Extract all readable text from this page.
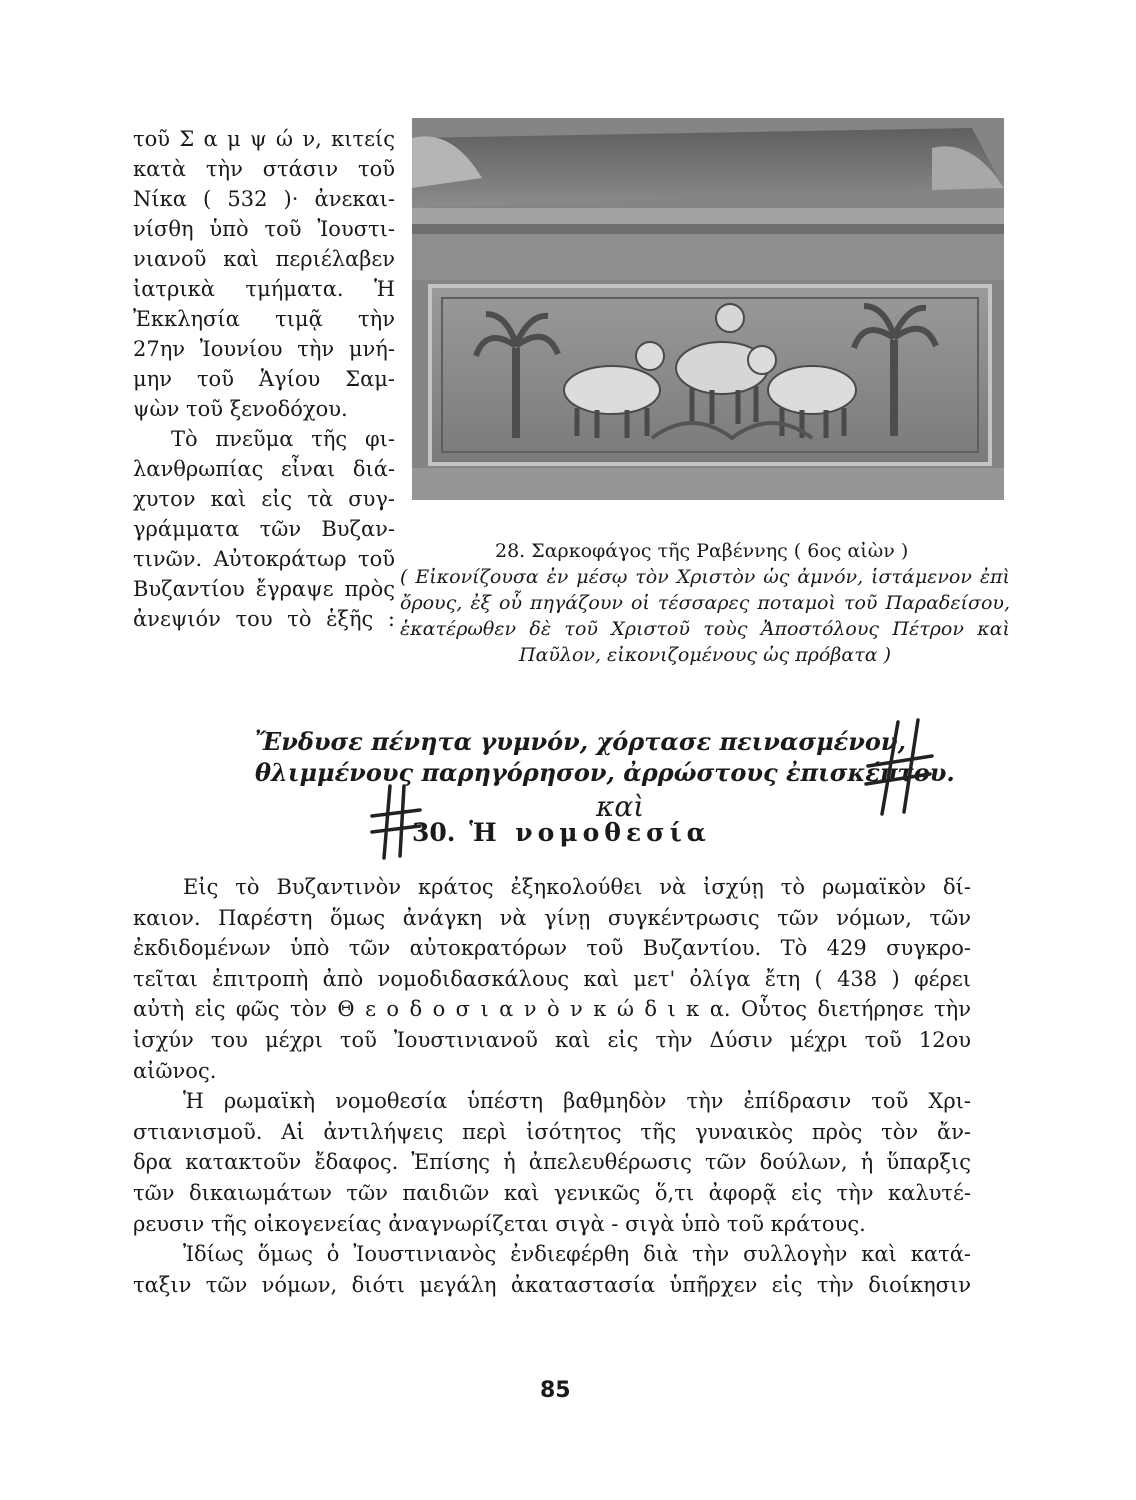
τοῦ Σ α μ ψ ώ ν, κιτείς
κατὰ τὴν στάσιν τοῦ
Νίκα ( 532 )· ἀνεκαι-
νίσθη ὑπὸ τοῦ Ἰουστι-
νιανοῦ καὶ περιέλαβεν
ἰατρικὰ τμήματα. Ἡ
Ἐκκλησία τιμᾷ τὴν
27ην Ἰουνίου τὴν μνή-
μην τοῦ Ἁγίου Σαμ-
ψὼν τοῦ ξενοδόχου.
Τὸ πνεῦμα τῆς φι-
λανθρωπίας εἶναι διά-
χυτον καὶ εἰς τὰ συγ-
γράμματα τῶν Βυζαν-
τινῶν. Αὐτοκράτωρ τοῦ
Βυζαντίου ἔγραψε πρὸς
ἀνεψιόν του τὸ ἑξῆς :
28. Σαρκοφάγος τῆς Ραβέννης ( 6ος αἰὼν )
( Εἰκονίζουσα ἐν μέσῳ τὸν Χριστὸν ὡς ἀμνόν, ἱστάμενον ἐπὶ
ὄρους, ἐξ οὗ πηγάζουν οἱ τέσσαρες ποταμοὶ τοῦ Παραδείσου,
ἑκατέρωθεν δὲ τοῦ Χριστοῦ τοὺς Ἀποστόλους Πέτρον καὶ
Παῦλον, εἰκονιζομένους ὡς πρόβατα )
Ἔνδυσε πένητα γυμνόν, χόρτασε πεινασμένον,
θλιμμένους παρηγόρησον, ἀρρώστους ἐπισκέπτου.
καὶ
30. Ἡ νομοθεσία
Εἰς τὸ Βυζαντινὸν κράτος ἐξηκολούθει νὰ ἰσχύῃ τὸ ρωμαϊκὸν δί-
καιον. Παρέστη ὅμως ἀνάγκη νὰ γίνῃ συγκέντρωσις τῶν νόμων, τῶν
ἐκδιδομένων ὑπὸ τῶν αὐτοκρατόρων τοῦ Βυζαντίου. Τὸ 429 συγκρο-
τεῖται ἐπιτροπὴ ἀπὸ νομοδιδασκάλους καὶ μετ' ὀλίγα ἔτη ( 438 ) φέρει
αὐτὴ εἰς φῶς τὸν Θ ε ο δ ο σ ι α ν ὸ ν κ ώ δ ι κ α. Οὗτος διετήρησε τὴν
ἰσχύν του μέχρι τοῦ Ἰουστινιανοῦ καὶ εἰς τὴν Δύσιν μέχρι τοῦ 12ου
αἰῶνος.
Ἡ ρωμαϊκὴ νομοθεσία ὑπέστη βαθμηδὸν τὴν ἐπίδρασιν τοῦ Χρι-
στιανισμοῦ. Αἱ ἀντιλήψεις περὶ ἰσότητος τῆς γυναικὸς πρὸς τὸν ἄν-
δρα κατακτοῦν ἔδαφος. Ἐπίσης ἡ ἀπελευθέρωσις τῶν δούλων, ἡ ὕπαρξις
τῶν δικαιωμάτων τῶν παιδιῶν καὶ γενικῶς ὅ,τι ἀφορᾷ εἰς τὴν καλυτέ-
ρευσιν τῆς οἰκογενείας ἀναγνωρίζεται σιγὰ - σιγὰ ὑπὸ τοῦ κράτους.
Ἰδίως ὅμως ὁ Ἰουστινιανὸς ἐνδιεφέρθη διὰ τὴν συλλογὴν καὶ κατά-
ταξιν τῶν νόμων, διότι μεγάλη ἀκαταστασία ὑπῆρχεν εἰς τὴν διοίκησιν
85
